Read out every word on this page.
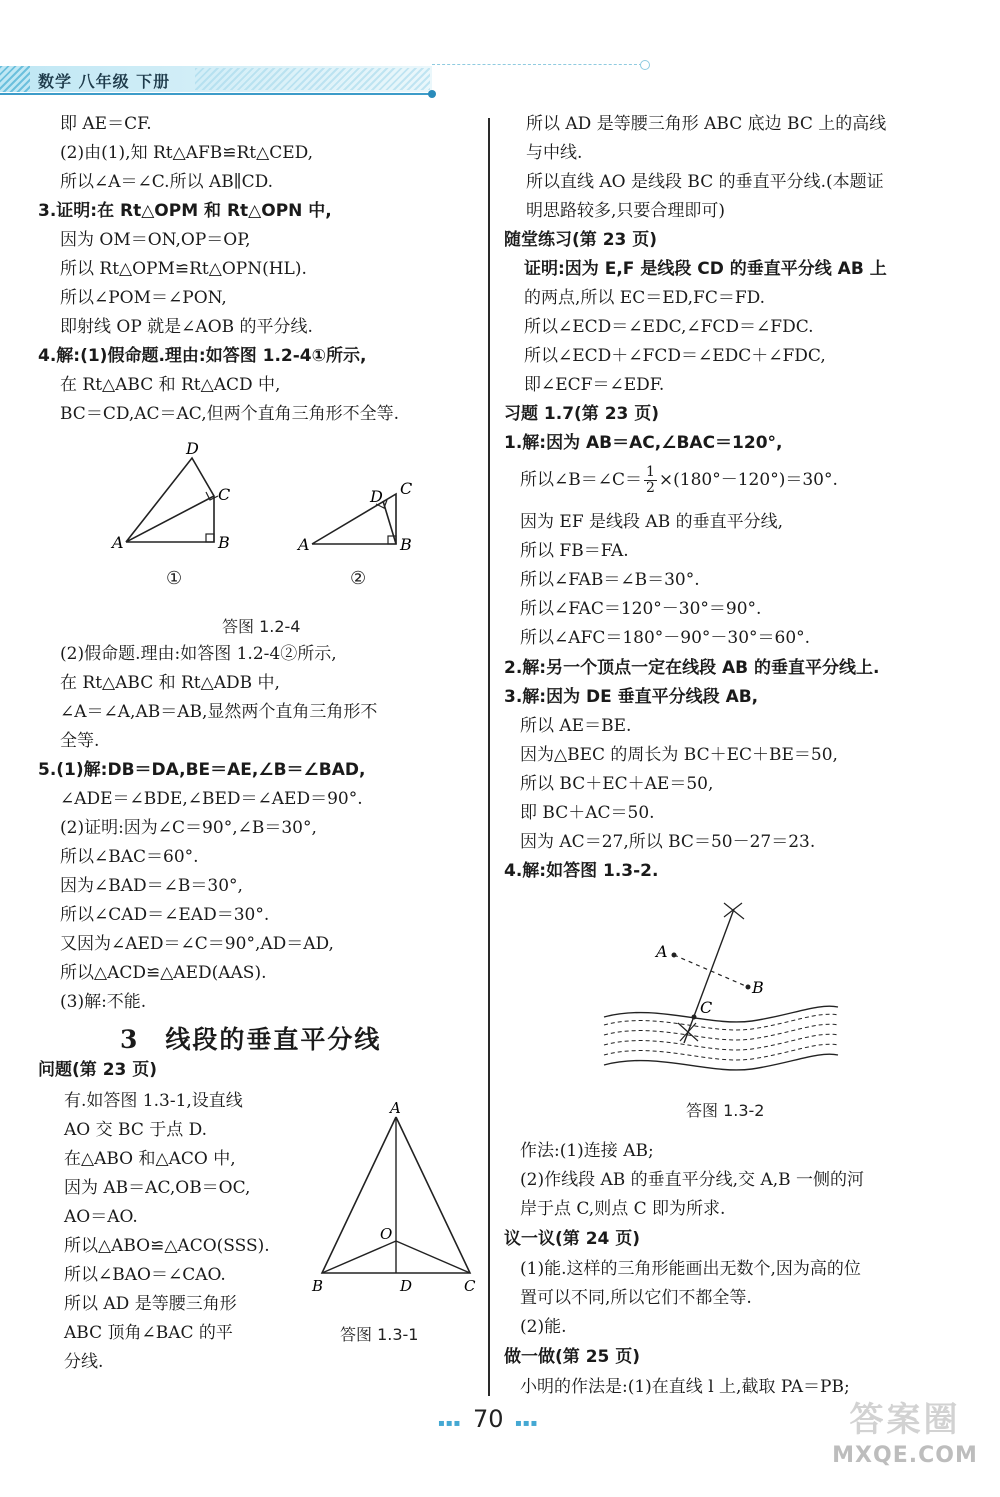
数学 八年级 下册
即 AE＝CF.
(2)由(1),知 Rt△AFB≌Rt△CED,
所以∠A＝∠C.所以 AB∥CD.
3.证明:在 Rt△OPM 和 Rt△OPN 中,
因为 OM＝ON,OP＝OP,
所以 Rt△OPM≌Rt△OPN(HL).
所以∠POM＝∠PON,
即射线 OP 就是∠AOB 的平分线.
4.解:(1)假命题.理由:如答图 1.2-4①所示,
在 Rt△ABC 和 Rt△ACD 中,
BC＝CD,AC＝AC,但两个直角三角形不全等.
D
C
A	B
D C
A	B
①	②
答图 1.2-4
(2)假命题.理由:如答图 1.2-4②所示,
在 Rt△ABC 和 Rt△ADB 中,
∠A＝∠A,AB＝AB,显然两个直角三角形不
全等.
5.(1)解:DB＝DA,BE＝AE,∠B＝∠BAD,
∠ADE＝∠BDE,∠BED＝∠AED＝90°.
(2)证明:因为∠C＝90°,∠B＝30°,
所以∠BAC＝60°.
因为∠BAD＝∠B＝30°,
所以∠CAD＝∠EAD＝30°.
又因为∠AED＝∠C＝90°,AD＝AD,
所以△ACD≌△AED(AAS).
(3)解:不能.
3 线段的垂直平分线
问题(第 23 页)
有.如答图 1.3-1,设直线
AO 交 BC 于点 D.
在△ABO 和△ACO 中,
因为 AB＝AC,OB＝OC,
AO＝AO.
所以△ABO≌△ACO(SSS).
所以∠BAO＝∠CAO.
所以 AD 是等腰三角形
ABC 顶角∠BAC 的平
分线.
A
O
B	D	C
答图 1.3-1
所以 AD 是等腰三角形 ABC 底边 BC 上的高线
与中线.
所以直线 AO 是线段 BC 的垂直平分线.(本题证
明思路较多,只要合理即可)
随堂练习(第 23 页)
证明:因为 E,F 是线段 CD 的垂直平分线 AB 上
的两点,所以 EC＝ED,FC＝FD.
所以∠ECD＝∠EDC,∠FCD＝∠FDC.
所以∠ECD＋∠FCD＝∠EDC＋∠FDC,
即∠ECF＝∠EDF.
习题 1.7(第 23 页)
1.解:因为 AB＝AC,∠BAC＝120°,
所以∠B＝∠C＝ $\frac{1}{2} \times(180^\circ-120^\circ)=30^\circ$.
因为 EF 是线段 AB 的垂直平分线,
所以 FB＝FA.
所以∠FAB＝∠B＝30°.
所以∠FAC＝120°－30°＝90°.
所以∠AFC＝180°－90°－30°＝60°.
2.解:另一个顶点一定在线段 AB 的垂直平分线上.
3.解:因为 DE 垂直平分线段 AB,
所以 AE＝BE.
因为△BEC 的周长为 BC＋EC＋BE＝50,
所以 BC＋EC＋AE＝50,
即 BC＋AC＝50.
因为 AC＝27,所以 BC＝50－27＝23.
4.解:如答图 1.3-2.
A
B
C
答图 1.3-2
作法:(1)连接 AB;
(2)作线段 AB 的垂直平分线,交 A,B 一侧的河
岸于点 C,则点 C 即为所求.
议一议(第 24 页)
(1)能.这样的三角形能画出无数个,因为高的位
置可以不同,所以它们不都全等.
(2)能.
做一做(第 25 页)
小明的作法是:(1)在直线 l 上,截取 PA＝PB;
▪▪▪ 70 ▪▪▪	答案圈
MXQE.COM
